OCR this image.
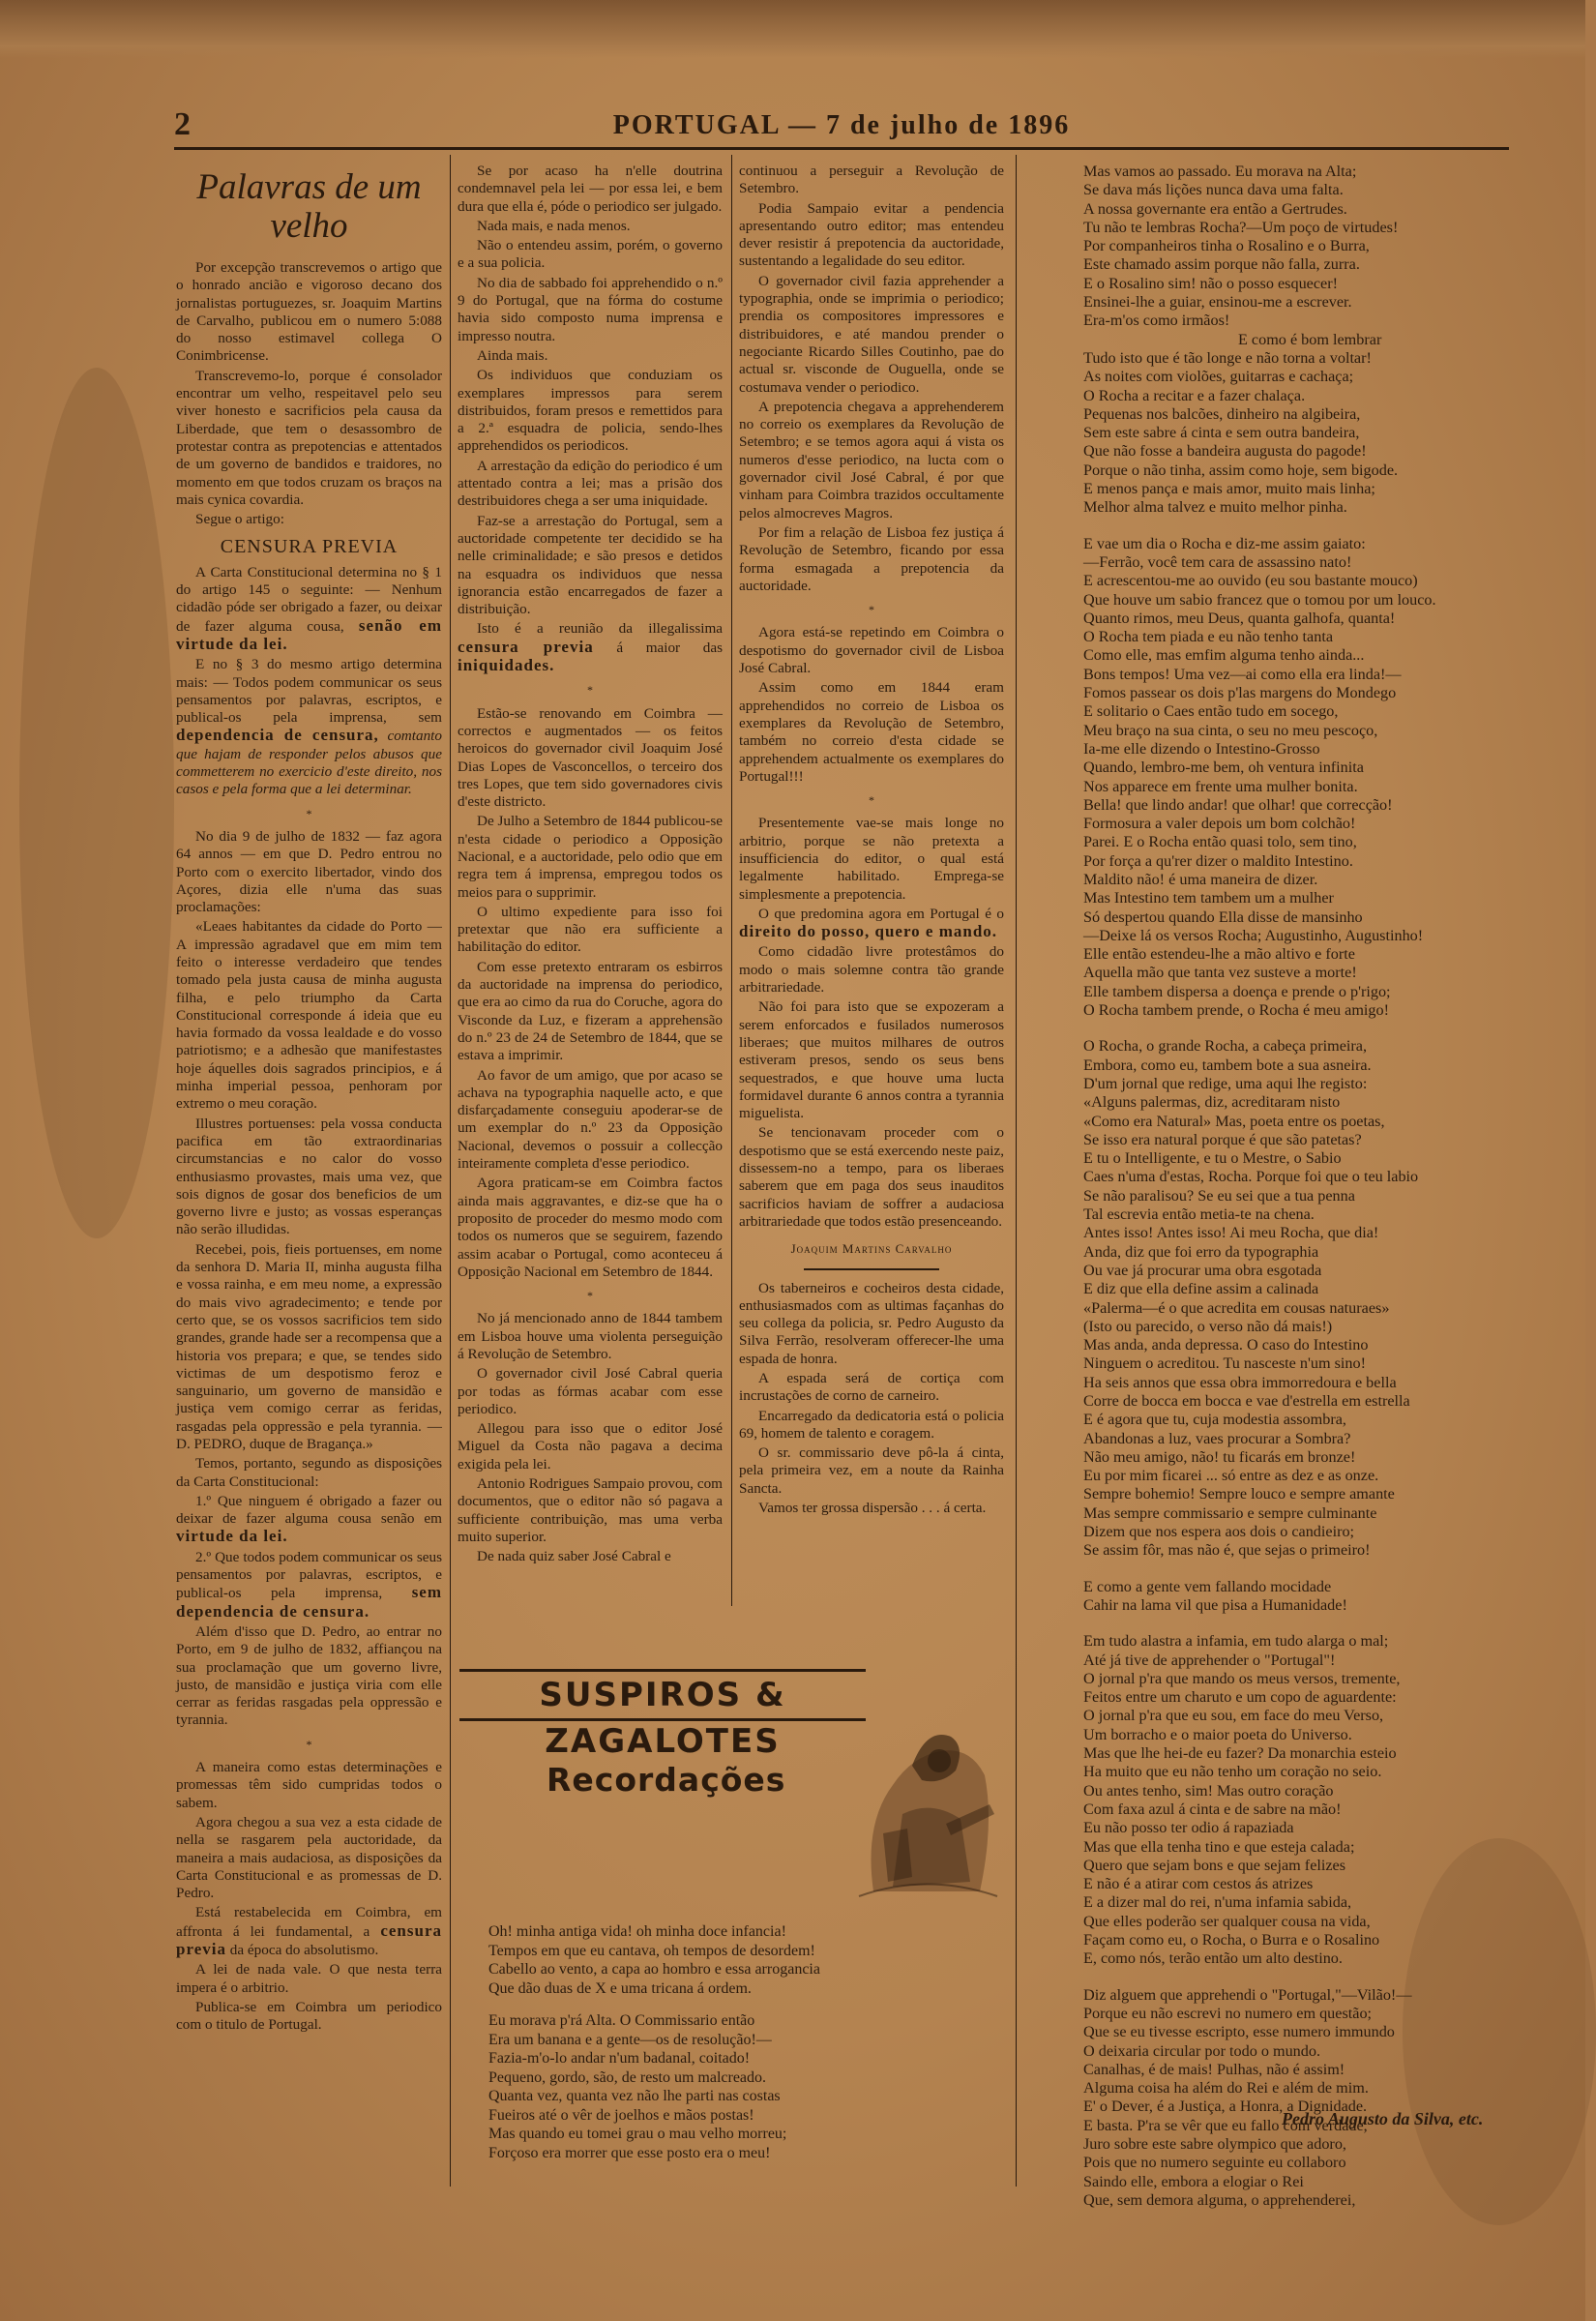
2	PORTUGAL — 7 de julho de 1896
Palavras de um velho

Por excepção transcrevemos o artigo que o honrado ancião e vigoroso decano dos jornalistas portuguezes, sr. Joaquim Martins de Carvalho, publicou em o numero 5:088 do nosso estimavel collega O Conimbricense.

Transcrevemo-lo, porque é consolador encontrar um velho, respeitavel pelo seu viver honesto e sacrificios pela causa da Liberdade, que tem o desassombro de protestar contra as prepotencias e attentados de um governo de bandidos e traidores, no momento em que todos cruzam os braços na mais cynica covardia.

Segue o artigo:

CENSURA PREVIA

A Carta Constitucional determina no § 1 do artigo 145 o seguinte: — Nenhum cidadão póde ser obrigado a fazer, ou deixar de fazer alguma cousa, senão em virtude da lei.

E no § 3 do mesmo artigo determina mais: — Todos podem communicar os seus pensamentos por palavras, escriptos, e publical-os pela imprensa, sem dependencia de censura, comtanto que hajam de responder pelos abusos que commetterem no exercicio d'este direito, nos casos e pela forma que a lei determinar.

*

No dia 9 de julho de 1832 — faz agora 64 annos — em que D. Pedro entrou no Porto com o exercito libertador, vindo dos Açores, dizia elle n'uma das suas proclamações:

«Leaes habitantes da cidade do Porto — A impressão agradavel que em mim tem feito o interesse verdadeiro que tendes tomado pela justa causa de minha augusta filha, e pelo triumpho da Carta Constitucional corresponde á ideia que eu havia formado da vossa lealdade e do vosso patriotismo; e a adhesão que manifestastes hoje áquelles dois sagrados principios, e á minha imperial pessoa, penhoram por extremo o meu coração.

Illustres portuenses: pela vossa conducta pacifica em tão extraordinarias circumstancias e no calor do vosso enthusiasmo provastes, mais uma vez, que sois dignos de gosar dos beneficios de um governo livre e justo; as vossas esperanças não serão illudidas.

Recebei, pois, fieis portuenses, em nome da senhora D. Maria II, minha augusta filha e vossa rainha, e em meu nome, a expressão do mais vivo agradecimento; e tende por certo que, se os vossos sacrificios tem sido grandes, grande hade ser a recompensa que a historia vos prepara; e que, se tendes sido victimas de um despotismo feroz e sanguinario, um governo de mansidão e justiça vem comigo cerrar as feridas, rasgadas pela oppressão e pela tyrannia. — D. PEDRO, duque de Bragança.»

Temos, portanto, segundo as disposições da Carta Constitucional:

1.º Que ninguem é obrigado a fazer ou deixar de fazer alguma cousa senão em virtude da lei.

2.º Que todos podem communicar os seus pensamentos por palavras, escriptos, e publical-os pela imprensa, sem dependencia de censura.

Além d'isso que D. Pedro, ao entrar no Porto, em 9 de julho de 1832, affiançou na sua proclamação que um governo livre, justo, de mansidão e justiça viria com elle cerrar as feridas rasgadas pela oppressão e tyrannia.

*

A maneira como estas determinações e promessas têm sido cumpridas todos o sabem.

Agora chegou a sua vez a esta cidade de nella se rasgarem pela auctoridade, da maneira a mais audaciosa, as disposições da Carta Constitucional e as promessas de D. Pedro.

Está restabelecida em Coimbra, em affronta á lei fundamental, a censura previa da época do absolutismo.

A lei de nada vale. O que nesta terra impera é o arbitrio.

Publica-se em Coimbra um periodico com o titulo de Portugal.

Se por acaso ha n'elle doutrina condemnavel pela lei — por essa lei, e bem dura que ella é, póde o periodico ser julgado.

Nada mais, e nada menos.

Não o entendeu assim, porém, o governo e a sua policia.

No dia de sabbado foi apprehendido o n.º 9 do Portugal, que na fórma do costume havia sido composto numa imprensa e impresso noutra.

Ainda mais.

Os individuos que conduziam os exemplares impressos para serem distribuidos, foram presos e remettidos para a 2.ª esquadra de policia, sendo-lhes apprehendidos os periodicos.

A arrestação da edição do periodico é um attentado contra a lei; mas a prisão dos destribuidores chega a ser uma iniquidade.

Faz-se a arrestação do Portugal, sem a auctoridade competente ter decidido se ha nelle criminalidade; e são presos e detidos na esquadra os individuos que nessa ignorancia estão encarregados de fazer a distribuição.

Isto é a reunião da illegalissima censura previa á maior das iniquidades.

*

Estão-se renovando em Coimbra — correctos e augmentados — os feitos heroicos do governador civil Joaquim José Dias Lopes de Vasconcellos, o terceiro dos tres Lopes, que tem sido governadores civis d'este districto.

De Julho a Setembro de 1844 publicou-se n'esta cidade o periodico a Opposição Nacional, e a auctoridade, pelo odio que em regra tem á imprensa, empregou todos os meios para o supprimir.

O ultimo expediente para isso foi pretextar que não era sufficiente a habilitação do editor.

Com esse pretexto entraram os esbirros da auctoridade na imprensa do periodico, que era ao cimo da rua do Coruche, agora do Visconde da Luz, e fizeram a apprehensão do n.º 23 de 24 de Setembro de 1844, que se estava a imprimir.

Ao favor de um amigo, que por acaso se achava na typographia naquelle acto, e que disfarçadamente conseguiu apoderar-se de um exemplar do n.º 23 da Opposição Nacional, devemos o possuir a collecção inteiramente completa d'esse periodico.

Agora praticam-se em Coimbra factos ainda mais aggravantes, e diz-se que ha o proposito de proceder do mesmo modo com todos os numeros que se seguirem, fazendo assim acabar o Portugal, como aconteceu á Opposição Nacional em Setembro de 1844.

*

No já mencionado anno de 1844 tambem em Lisboa houve uma violenta perseguição á Revolução de Setembro.

O governador civil José Cabral queria por todas as fórmas acabar com esse periodico.

Allegou para isso que o editor José Miguel da Costa não pagava a decima exigida pela lei.

Antonio Rodrigues Sampaio provou, com documentos, que o editor não só pagava a sufficiente contribuição, mas uma verba muito superior.

De nada quiz saber José Cabral e

continuou a perseguir a Revolução de Setembro.

Podia Sampaio evitar a pendencia apresentando outro editor; mas entendeu dever resistir á prepotencia da auctoridade, sustentando a legalidade do seu editor.

O governador civil fazia apprehender a typographia, onde se imprimia o periodico; prendia os compositores impressores e distribuidores, e até mandou prender o negociante Ricardo Silles Coutinho, pae do actual sr. visconde de Ouguella, onde se costumava vender o periodico.

A prepotencia chegava a apprehenderem no correio os exemplares da Revolução de Setembro; e se temos agora aqui á vista os numeros d'esse periodico, na lucta com o governador civil José Cabral, é por que vinham para Coimbra trazidos occultamente pelos almocreves Magros.

Por fim a relação de Lisboa fez justiça á Revolução de Setembro, ficando por essa forma esmagada a prepotencia da auctoridade.

*

Agora está-se repetindo em Coimbra o despotismo do governador civil de Lisboa José Cabral.

Assim como em 1844 eram apprehendidos no correio de Lisboa os exemplares da Revolução de Setembro, também no correio d'esta cidade se apprehendem actualmente os exemplares do Portugal!!!

*

Presentemente vae-se mais longe no arbitrio, porque se não pretexta a insufficiencia do editor, o qual está legalmente habilitado. Emprega-se simplesmente a prepotencia.

O que predomina agora em Portugal é o direito do posso, quero e mando.

Como cidadão livre protestâmos do modo o mais solemne contra tão grande arbitrariedade.

Não foi para isto que se expozeram a serem enforcados e fusilados numerosos liberaes; que muitos milhares de outros estiveram presos, sendo os seus bens sequestrados, e que houve uma lucta formidavel durante 6 annos contra a tyrannia miguelista.

Se tencionavam proceder com o despotismo que se está exercendo neste paiz, dissessem-no a tempo, para os liberaes saberem que em paga dos seus inauditos sacrificios haviam de soffrer a audaciosa arbitrariedade que todos estão presenceando.

Joaquim Martins Carvalho

Os taberneiros e cocheiros desta cidade, enthusiasmados com as ultimas façanhas do seu collega da policia, sr. Pedro Augusto da Silva Ferrão, resolveram offerecer-lhe uma espada de honra.

A espada será de cortiça com incrustações de corno de carneiro.

Encarregado da dedicatoria está o policia 69, homem de talento e coragem.

O sr. commissario deve pô-la á cinta, pela primeira vez, em a noute da Rainha Sancta.

Vamos ter grossa dispersão . . . á certa.

SUSPIROS & ZAGALOTES
Recordações

Oh! minha antiga vida! oh minha doce infancia!

Tempos em que eu cantava, oh tempos de desordem!

Cabello ao vento, a capa ao hombro e essa arrogancia

Que dão duas de X e uma tricana á ordem.

Eu morava p'rá Alta. O Commissario então

Era um banana e a gente—os de resolução!—

Fazia-m'o-lo andar n'um badanal, coitado!

Pequeno, gordo, são, de resto um malcreado.

Quanta vez, quanta vez não lhe parti nas costas

Fueiros até o vêr de joelhos e mãos postas!

Mas quando eu tomei grau o mau velho morreu;

Forçoso era morrer que esse posto era o meu!

Mas vamos ao passado. Eu morava na Alta;

Se dava más lições nunca dava uma falta.

A nossa governante era então a Gertrudes.

Tu não te lembras Rocha?—Um poço de virtudes!

Por companheiros tinha o Rosalino e o Burra,

Este chamado assim porque não falla, zurra.

E o Rosalino sim! não o posso esquecer!

Ensinei-lhe a guiar, ensinou-me a escrever.

Era-m'os como irmãos!

E como é bom lembrar

Tudo isto que é tão longe e não torna a voltar!

As noites com violões, guitarras e cachaça;

O Rocha a recitar e a fazer chalaça.

Pequenas nos balcões, dinheiro na algibeira,

Sem este sabre á cinta e sem outra bandeira,

Que não fosse a bandeira augusta do pagode!

Porque o não tinha, assim como hoje, sem bigode.

E menos pança e mais amor, muito mais linha;

Melhor alma talvez e muito melhor pinha.

E vae um dia o Rocha e diz-me assim gaiato:

—Ferrão, você tem cara de assassino nato!

E acrescentou-me ao ouvido (eu sou bastante mouco)

Que houve um sabio francez que o tomou por um louco.

Quanto rimos, meu Deus, quanta galhofa, quanta!

O Rocha tem piada e eu não tenho tanta

Como elle, mas emfim alguma tenho ainda...

Bons tempos! Uma vez—ai como ella era linda!—

Fomos passear os dois p'las margens do Mondego

E solitario o Caes então tudo em socego,

Meu braço na sua cinta, o seu no meu pescoço,

Ia-me elle dizendo o Intestino-Grosso

Quando, lembro-me bem, oh ventura infinita

Nos apparece em frente uma mulher bonita.

Bella! que lindo andar! que olhar! que correcção!

Formosura a valer depois um bom colchão!

Parei. E o Rocha então quasi tolo, sem tino,

Por força a qu'rer dizer o maldito Intestino.

Maldito não! é uma maneira de dizer.

Mas Intestino tem tambem um a mulher

Só despertou quando Ella disse de mansinho

—Deixe lá os versos Rocha; Augustinho, Augustinho!

Elle então estendeu-lhe a mão altivo e forte

Aquella mão que tanta vez susteve a morte!

Elle tambem dispersa a doença e prende o p'rigo;

O Rocha tambem prende, o Rocha é meu amigo!

O Rocha, o grande Rocha, a cabeça primeira,

Embora, como eu, tambem bote a sua asneira.

D'um jornal que redige, uma aqui lhe registo:

«Alguns palermas, diz, acreditaram nisto

«Como era Natural» Mas, poeta entre os poetas,

Se isso era natural porque é que são patetas?

E tu o Intelligente, e tu o Mestre, o Sabio

Caes n'uma d'estas, Rocha. Porque foi que o teu labio

Se não paralisou? Se eu sei que a tua penna

Tal escrevia então metia-te na chena.

Antes isso! Antes isso! Ai meu Rocha, que dia!

Anda, diz que foi erro da typographia

Ou vae já procurar uma obra esgotada

E diz que ella define assim a calinada

«Palerma—é o que acredita em cousas naturaes»

(Isto ou parecido, o verso não dá mais!)

Mas anda, anda depressa. O caso do Intestino

Ninguem o acreditou. Tu nasceste n'um sino!

Ha seis annos que essa obra immorredoura e bella

Corre de bocca em bocca e vae d'estrella em estrella

E é agora que tu, cuja modestia assombra,

Abandonas a luz, vaes procurar a Sombra?

Não meu amigo, não! tu ficarás em bronze!

Eu por mim ficarei ... só entre as dez e as onze.

Sempre bohemio! Sempre louco e sempre amante

Mas sempre commissario e sempre culminante

Dizem que nos espera aos dois o candieiro;

Se assim fôr, mas não é, que sejas o primeiro!

E como a gente vem fallando mocidade

Cahir na lama vil que pisa a Humanidade!

Em tudo alastra a infamia, em tudo alarga o mal;

Até já tive de apprehender o "Portugal"!

O jornal p'ra que mando os meus versos, tremente,

Feitos entre um charuto e um copo de aguardente:

O jornal p'ra que eu sou, em face do meu Verso,

Um borracho e o maior poeta do Universo.

Mas que lhe hei-de eu fazer? Da monarchia esteio

Ha muito que eu não tenho um coração no seio.

Ou antes tenho, sim! Mas outro coração

Com faxa azul á cinta e de sabre na mão!

Eu não posso ter odio á rapaziada

Mas que ella tenha tino e que esteja calada;

Quero que sejam bons e que sejam felizes

E não é a atirar com cestos ás atrizes

E a dizer mal do rei, n'uma infamia sabida,

Que elles poderão ser qualquer cousa na vida,

Façam como eu, o Rocha, o Burra e o Rosalino

E, como nós, terão então um alto destino.

Diz alguem que apprehendi o "Portugal,"—Vilão!—

Porque eu não escrevi no numero em questão;

Que se eu tivesse escripto, esse numero immundo

O deixaria circular por todo o mundo.

Canalhas, é de mais! Pulhas, não é assim!

Alguma coisa ha além do Rei e além de mim.

E' o Dever, é a Justiça, a Honra, a Dignidade.

E basta. P'ra se vêr que eu fallo com verdade,

Juro sobre este sabre olympico que adoro,

Pois que no numero seguinte eu collaboro

Saindo elle, embora a elogiar o Rei

Que, sem demora alguma, o apprehenderei,

Pedro Augusto da Silva, etc.
